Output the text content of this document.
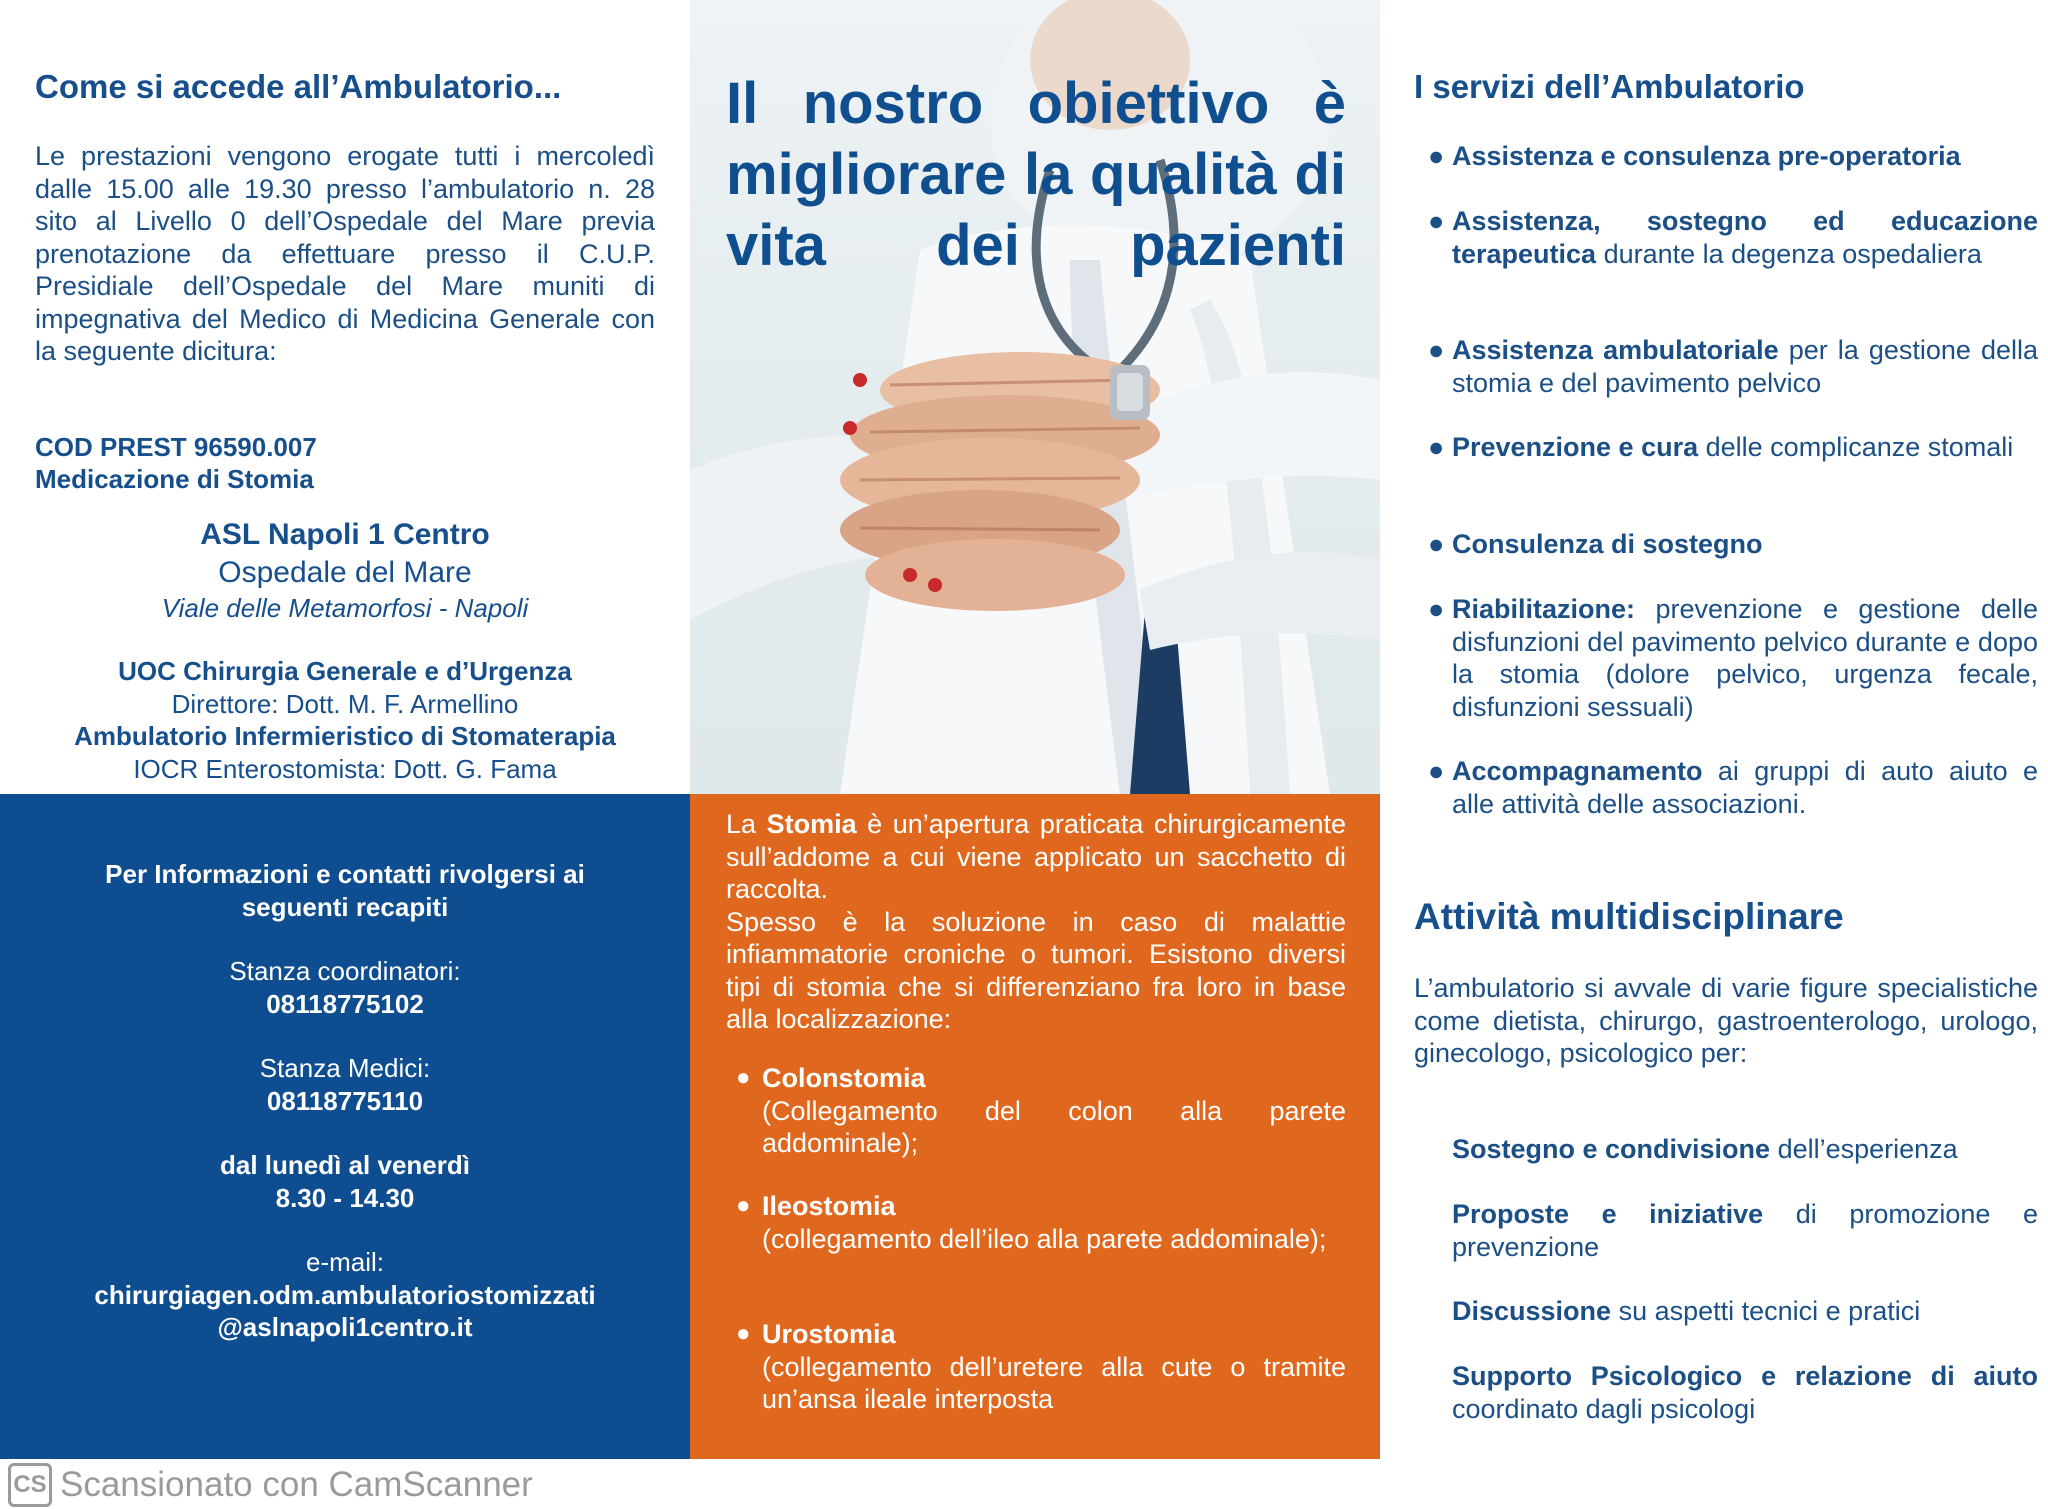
Come si accede all’Ambulatorio...
Le prestazioni vengono erogate tutti i mercoledì dalle 15.00 alle 19.30 presso l’ambulatorio n. 28 sito al Livello 0 dell’Ospedale del Mare previa prenotazione da effettuare presso il C.U.P. Presidiale dell’Ospedale del Mare muniti di impegnativa del Medico di Medicina Generale con la seguente dicitura:
COD PREST 96590.007
Medicazione di Stomia
ASL Napoli 1 Centro
Ospedale del Mare
Viale delle Metamorfosi - Napoli
UOC Chirurgia Generale e d’Urgenza
Direttore: Dott. M. F. Armellino
Ambulatorio Infermieristico di Stomaterapia
IOCR Enterostomista: Dott. G. Fama
Per Informazioni e contatti rivolgersi ai
seguenti recapiti
Stanza coordinatori:
08118775102
Stanza Medici:
08118775110
dal lunedì al venerdì
8.30 - 14.30
e-mail:
chirurgiagen.odm.ambulatoriostomizzati
@aslnapoli1centro.it
Il nostro obiettivo è migliorare la qualità di vita dei pazienti
La Stomia è un’apertura praticata chirurgicamente sull’addome a cui viene applicato un sacchetto di raccolta.
Spesso è la soluzione in caso di malattie infiammatorie croniche o tumori. Esistono diversi tipi di stomia che si differenziano fra loro in base alla localizzazione:
● Colonstomia
(Collegamento del colon alla parete addominale);
● Ileostomia
(collegamento dell’ileo alla parete addominale);
● Urostomia
(collegamento dell’uretere alla cute o tramite un’ansa ileale interposta
I servizi dell’Ambulatorio
● Assistenza e consulenza pre-operatoria
● Assistenza, sostegno ed educazione terapeutica durante la degenza ospedaliera
● Assistenza ambulatoriale per la gestione della stomia e del pavimento pelvico
● Prevenzione e cura delle complicanze stomali
● Consulenza di sostegno
● Riabilitazione: prevenzione e gestione delle disfunzioni del pavimento pelvico durante e dopo la stomia (dolore pelvico, urgenza fecale, disfunzioni sessuali)
● Accompagnamento ai gruppi di auto aiuto e alle attività delle associazioni.
Attività multidisciplinare
L’ambulatorio si avvale di varie figure specialistiche come dietista, chirurgo, gastroenterologo, urologo, ginecologo, psicologico per:
Sostegno e condivisione dell’esperienza
Proposte e iniziative di promozione e prevenzione
Discussione su aspetti tecnici e pratici
Supporto Psicologico e relazione di aiuto coordinato dagli psicologi
CS Scansionato con CamScanner
